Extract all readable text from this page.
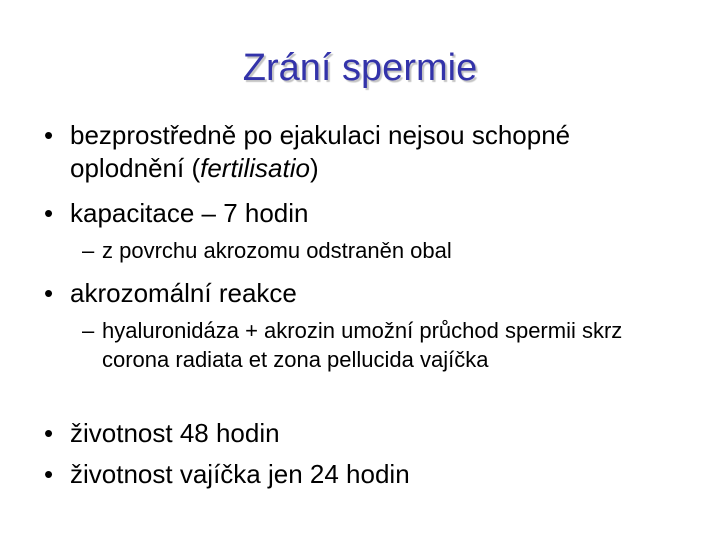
Zrání spermie
• bezprostředně po ejakulaci nejsou schopné oplodnění (fertilisatio)
• kapacitace – 7 hodin
– z povrchu akrozomu odstraněn obal
• akrozomální reakce
– hyaluronidáza + akrozin umožní průchod spermii skrz corona radiata et zona pellucida vajíčka
• životnost 48 hodin
• životnost vajíčka jen 24 hodin
